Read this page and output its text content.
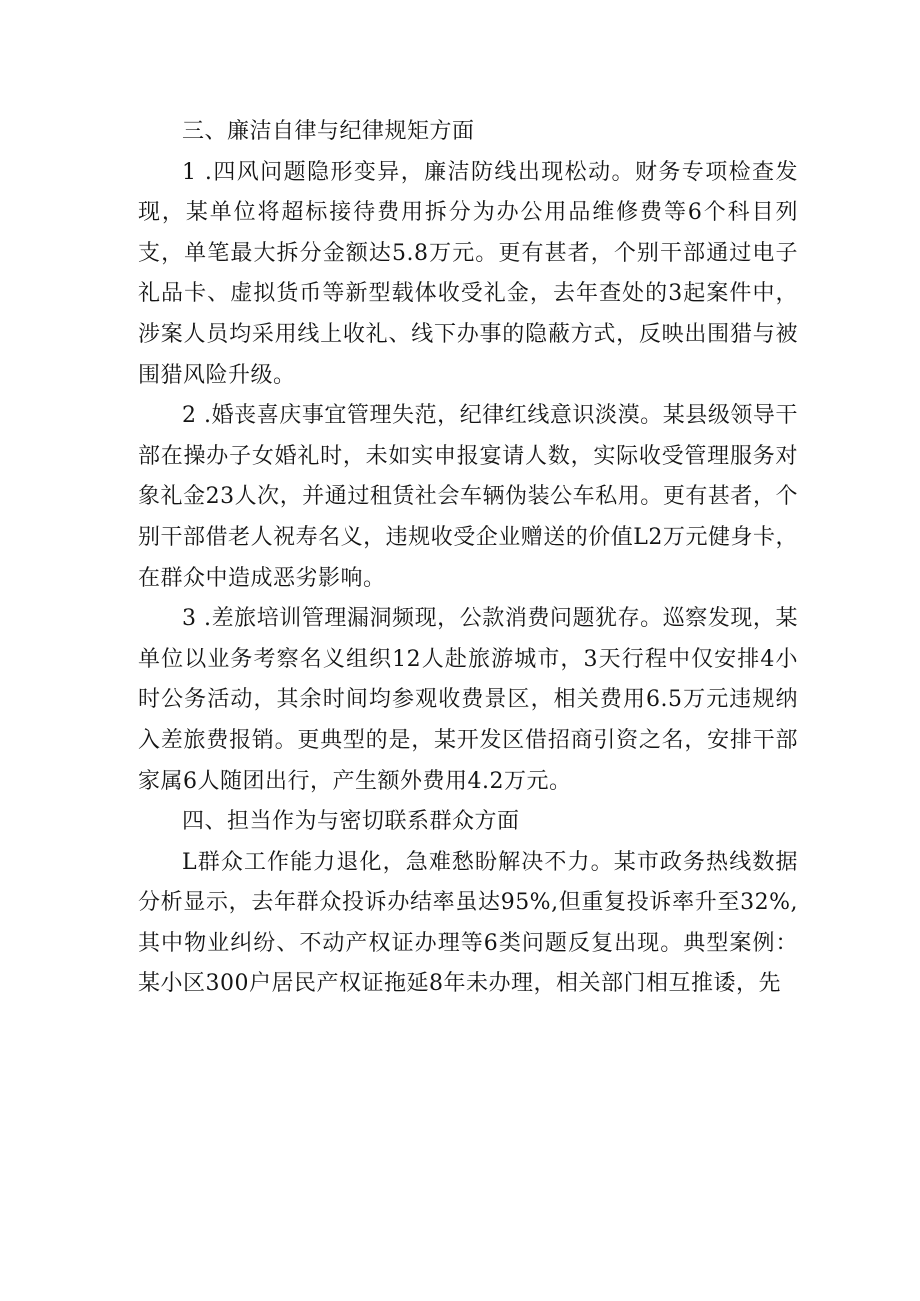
三、廉洁自律与纪律规矩方面

1 .四风问题隐形变异，廉洁防线出现松动。财务专项检查发现，某单位将超标接待费用拆分为办公用品维修费等6个科目列支，单笔最大拆分金额达5.8万元。更有甚者，个别干部通过电子礼品卡、虚拟货币等新型载体收受礼金，去年查处的3起案件中，涉案人员均采用线上收礼、线下办事的隐蔽方式，反映出围猎与被围猎风险升级。

2 .婚丧喜庆事宜管理失范，纪律红线意识淡漠。某县级领导干部在操办子女婚礼时，未如实申报宴请人数，实际收受管理服务对象礼金23人次，并通过租赁社会车辆伪装公车私用。更有甚者，个别干部借老人祝寿名义，违规收受企业赠送的价值L2万元健身卡，在群众中造成恶劣影响。

3 .差旅培训管理漏洞频现，公款消费问题犹存。巡察发现，某单位以业务考察名义组织12人赴旅游城市，3天行程中仅安排4小时公务活动，其余时间均参观收费景区，相关费用6.5万元违规纳入差旅费报销。更典型的是，某开发区借招商引资之名，安排干部家属6人随团出行，产生额外费用4.2万元。

四、担当作为与密切联系群众方面

L群众工作能力退化，急难愁盼解决不力。某市政务热线数据分析显示，去年群众投诉办结率虽达95%,但重复投诉率升至32%,其中物业纠纷、不动产权证办理等6类问题反复出现。典型案例：某小区300户居民产权证拖延8年未办理，相关部门相互推诿，先
